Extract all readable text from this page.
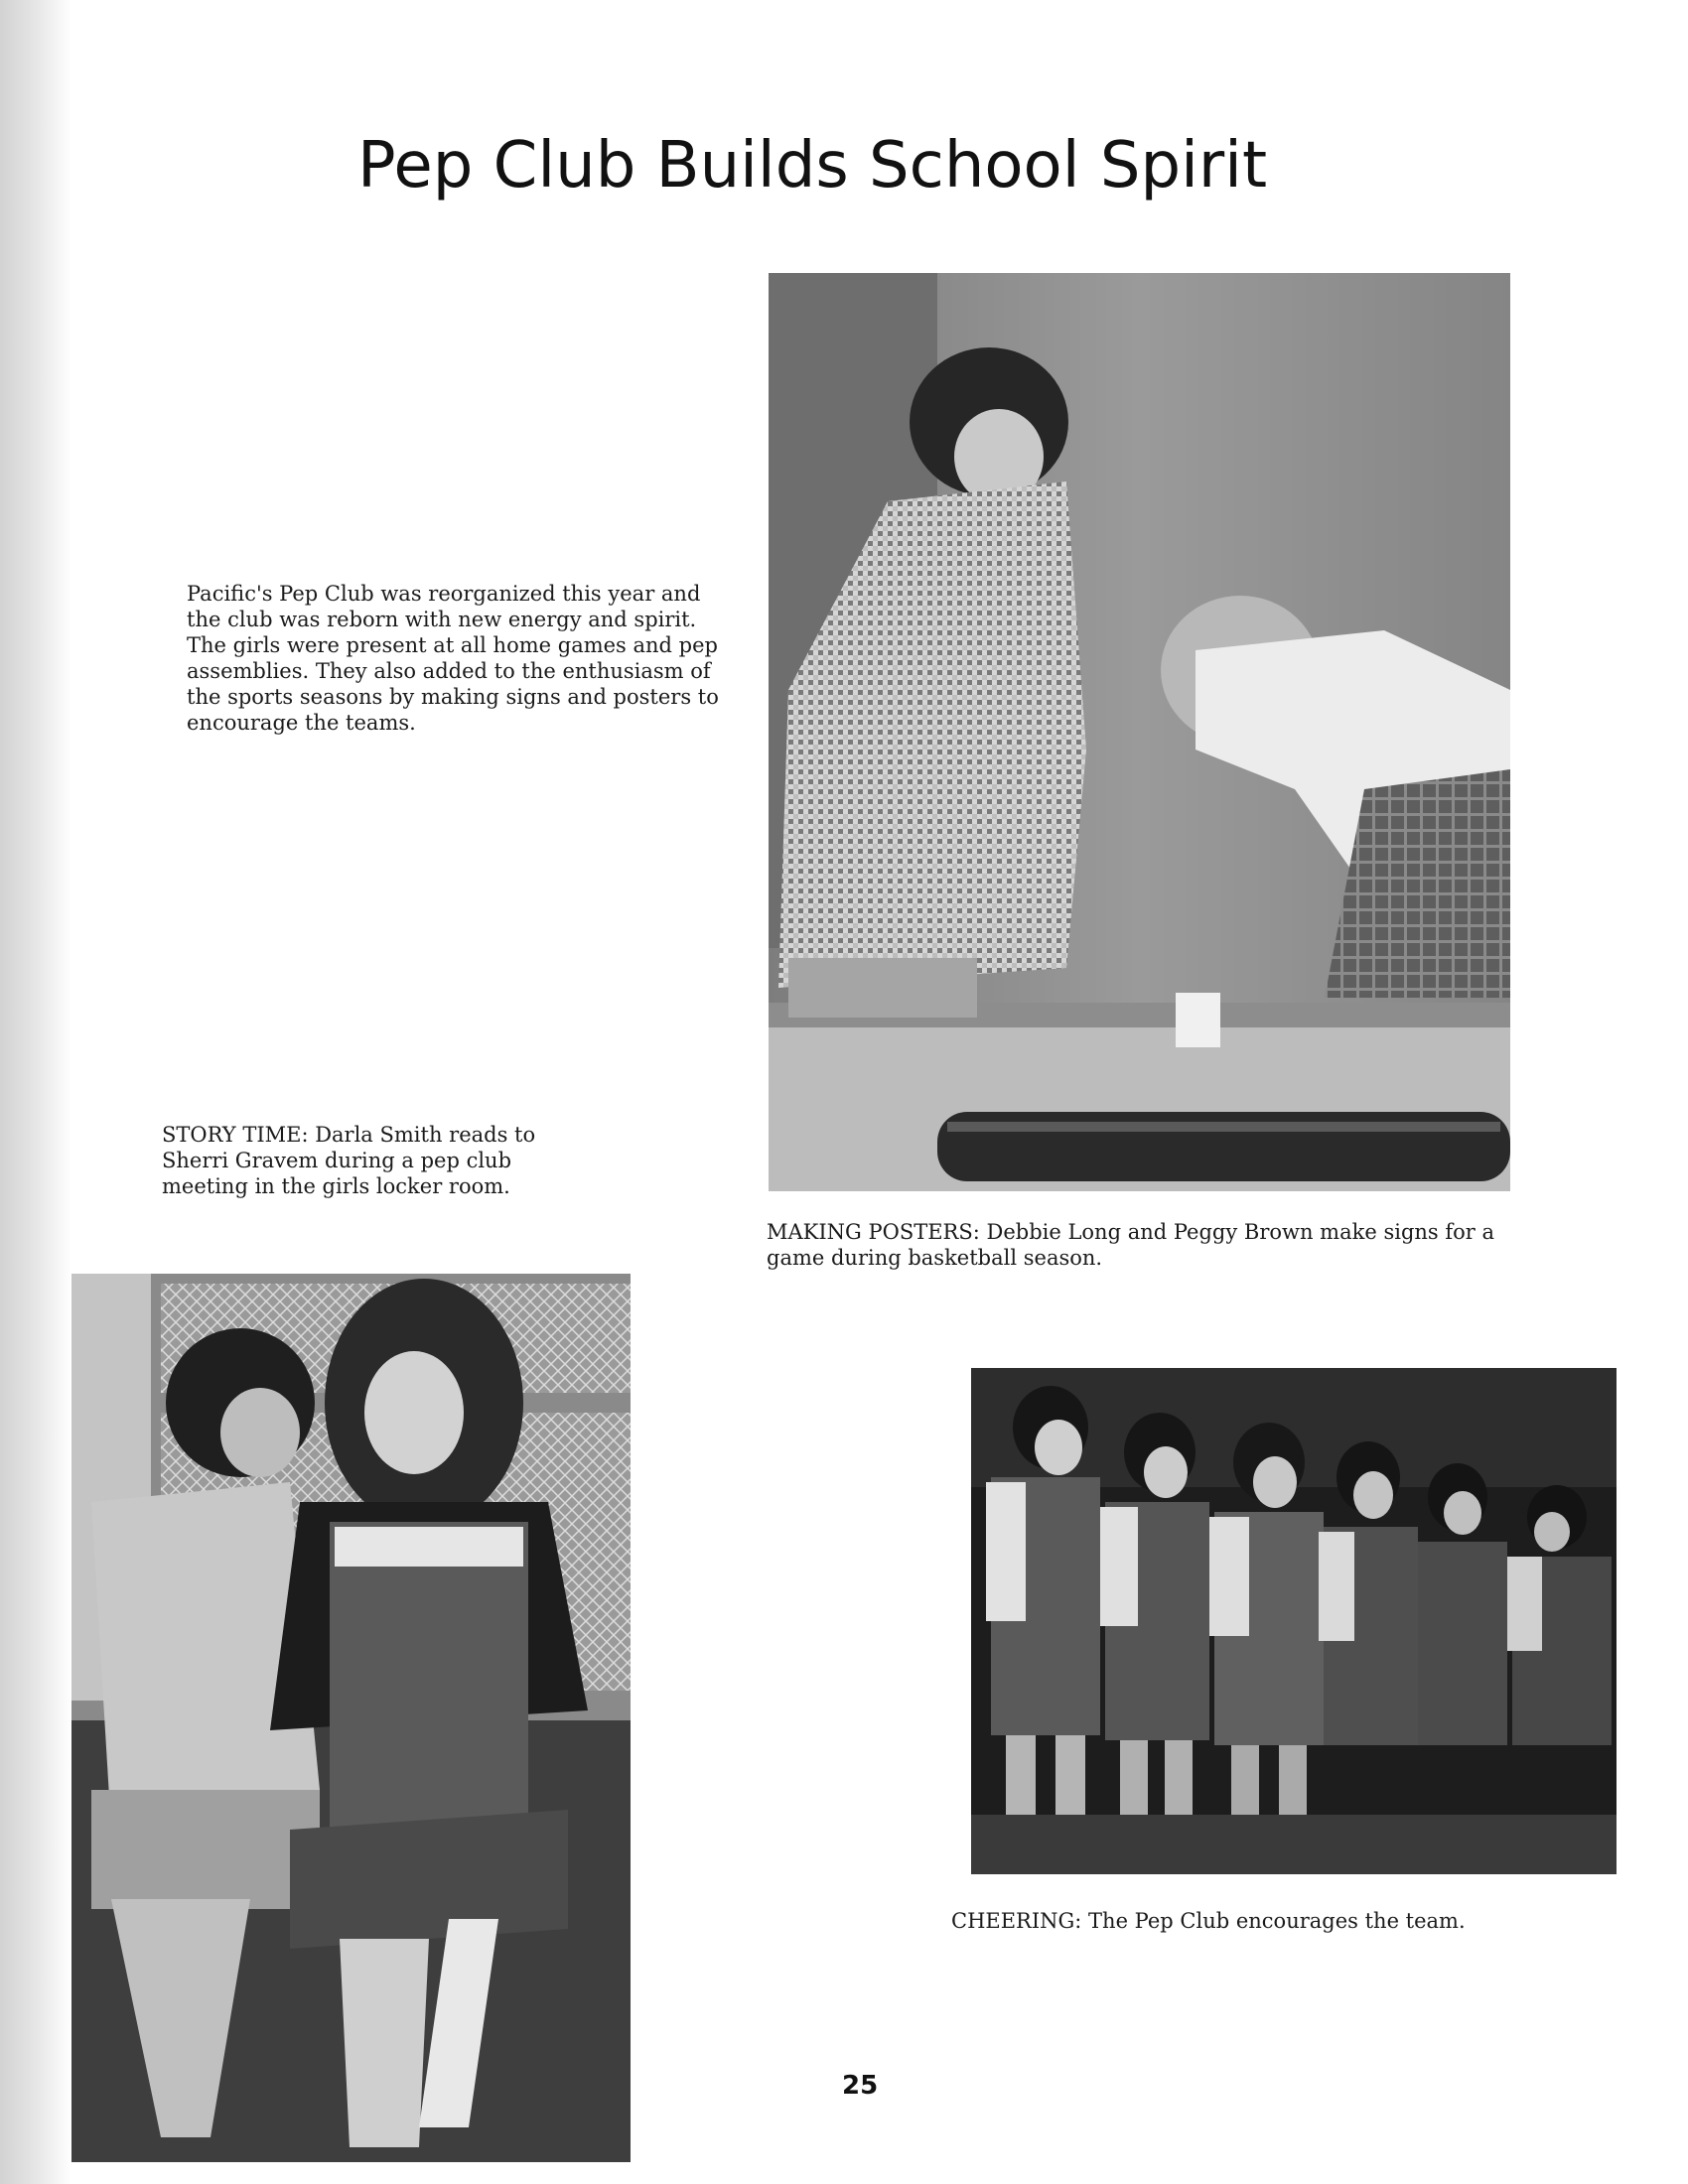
Pep Club Builds School Spirit

Pacific's Pep Club was reorganized this year and the club was reborn with new energy and spirit. The girls were present at all home games and pep assemblies. They also added to the enthusiasm of the sports seasons by making signs and posters to encourage the teams.

STORY TIME: Darla Smith reads to Sherri Gravem during a pep club meeting in the girls locker room.

MAKING POSTERS: Debbie Long and Peggy Brown make signs for a game during basketball season.

CHEERING: The Pep Club encourages the team.

25
